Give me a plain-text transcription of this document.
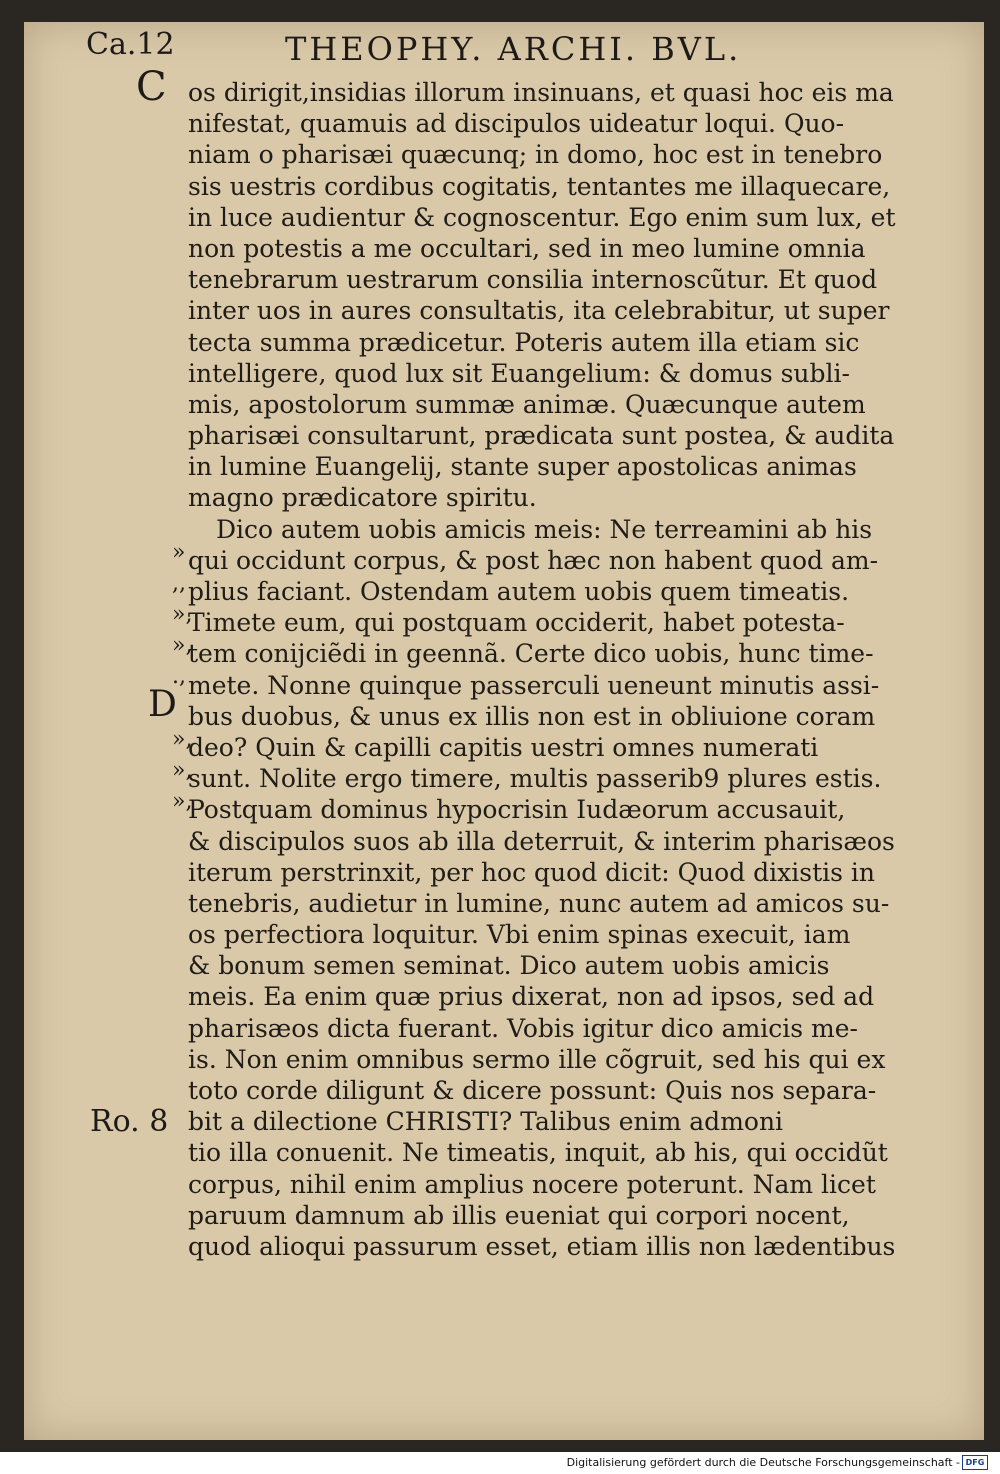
Ca.12	THEOPHY. ARCHI. BVL.
C os dirigit,insidias illorum insinuans, et quasi hoc eis ma
nifestat, quamuis ad discipulos uideatur loqui. Quo-
niam o pharisæi quæcunq; in domo, hoc est in tenebro
sis uestris cordibus cogitatis, tentantes me illaquecare,
in luce audientur & cognoscentur. Ego enim sum lux, et
non potestis a me occultari, sed in meo lumine omnia
tenebrarum uestrarum consilia internoscũtur. Et quod
inter uos in aures consultatis, ita celebrabitur, ut super
tecta summa prædicetur. Poteris autem illa etiam sic
intelligere, quod lux sit Euangelium: & domus subli-
mis, apostolorum summæ animæ. Quæcunque autem
pharisæi consultarunt, prædicata sunt postea, & audita
in lumine Euangelij, stante super apostolicas animas
magno prædicatore spiritu.
Dico autem uobis amicis meis: Ne terreamini ab his
qui occidunt corpus, & post hæc non habent quod am-
plius faciant. Ostendam autem uobis quem timeatis.
Timete eum, qui postquam occiderit, habet potesta-
tem conijciẽdi in geennã. Certe dico uobis, hunc time-
mete. Nonne quinque passerculi ueneunt minutis assi-
bus duobus, & unus ex illis non est in obliuione coram
deo? Quin & capilli capitis uestri omnes numerati
sunt. Nolite ergo timere, multis passerib9 plures estis.
Postquam dominus hypocrisin Iudæorum accusauit,
& discipulos suos ab illa deterruit, & interim pharisæos
iterum perstrinxit, per hoc quod dicit: Quod dixistis in
tenebris, audietur in lumine, nunc autem ad amicos su-
os perfectiora loquitur. Vbi enim spinas execuit, iam
& bonum semen seminat. Dico autem uobis amicis
meis. Ea enim quæ prius dixerat, non ad ipsos, sed ad
pharisæos dicta fuerant. Vobis igitur dico amicis me-
is. Non enim omnibus sermo ille cõgruit, sed his qui ex
toto corde diligunt & dicere possunt: Quis nos separa-
bit a dilectione CHRISTI? Talibus enim admoni
tio illa conuenit. Ne timeatis, inquit, ab his, qui occidũt
corpus, nihil enim amplius nocere poterunt. Nam licet
paruum damnum ab illis eueniat qui corpori nocent,
quod alioqui passurum esset, etiam illis non lædentibus
»
,,
»,
»,
.,
D
»,
»,
»,
Ro. 8
Digitalisierung gefördert durch die Deutsche Forschungsgemeinschaft - DFG
